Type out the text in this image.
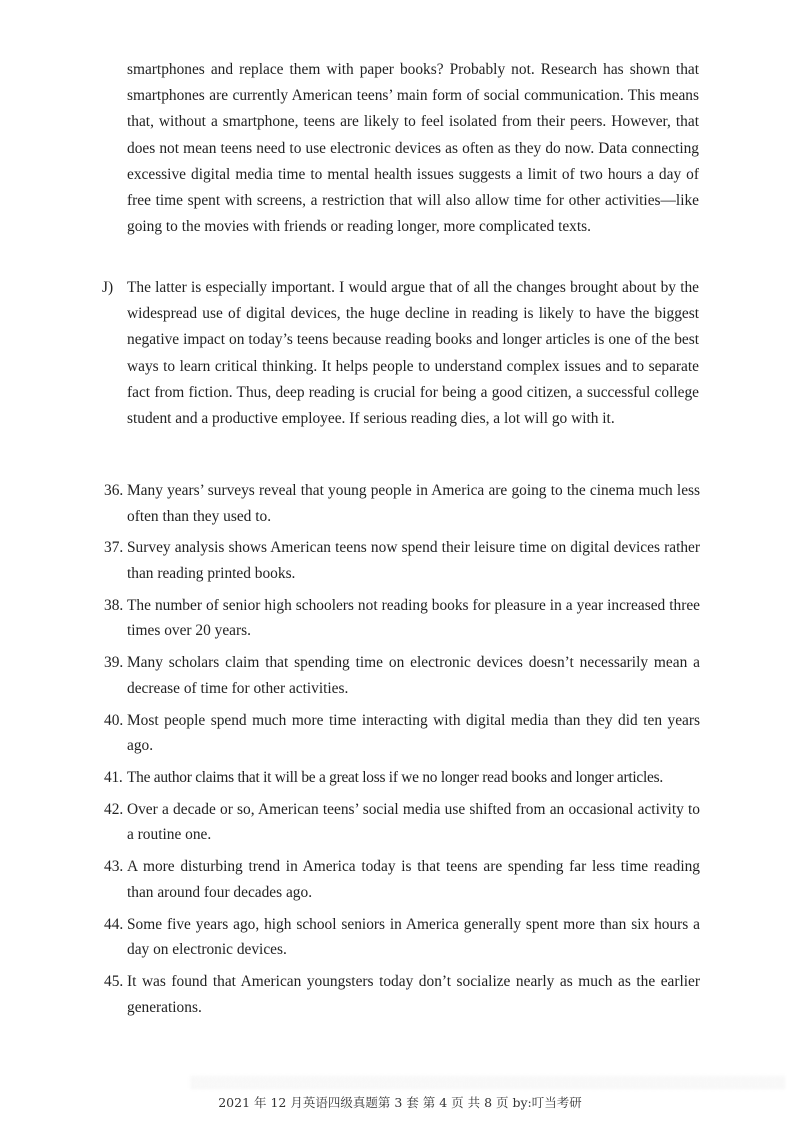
smartphones and replace them with paper books? Probably not. Research has shown that smartphones are currently American teens’ main form of social communication. This means that, without a smartphone, teens are likely to feel isolated from their peers. However, that does not mean teens need to use electronic devices as often as they do now. Data connecting excessive digital media time to mental health issues suggests a limit of two hours a day of free time spent with screens, a restriction that will also allow time for other activities—like going to the movies with friends or reading longer, more complicated texts.

J) The latter is especially important. I would argue that of all the changes brought about by the widespread use of digital devices, the huge decline in reading is likely to have the biggest negative impact on today’s teens because reading books and longer articles is one of the best ways to learn critical thinking. It helps people to understand complex issues and to separate fact from fiction. Thus, deep reading is crucial for being a good citizen, a successful college student and a productive employee. If serious reading dies, a lot will go with it.
36. Many years’ surveys reveal that young people in America are going to the cinema much less often than they used to.
37. Survey analysis shows American teens now spend their leisure time on digital devices rather than reading printed books.
38. The number of senior high schoolers not reading books for pleasure in a year increased three times over 20 years.
39. Many scholars claim that spending time on electronic devices doesn’t necessarily mean a decrease of time for other activities.
40. Most people spend much more time interacting with digital media than they did ten years ago.
41. The author claims that it will be a great loss if we no longer read books and longer articles.
42. Over a decade or so, American teens’ social media use shifted from an occasional activity to a routine one.
43. A more disturbing trend in America today is that teens are spending far less time reading than around four decades ago.
44. Some five years ago, high school seniors in America generally spent more than six hours a day on electronic devices.
45. It was found that American youngsters today don’t socialize nearly as much as the earlier generations.
░░░░░░░░░░░░░░░░░░░░░░░░░░░░░░░░░░░░░░░░░░░░░░░░░░░░░░░░░░░░░░░░░░░░░░
2021 年 12 月英语四级真题第 3 套 第 4 页 共 8 页 by:叮当考研
